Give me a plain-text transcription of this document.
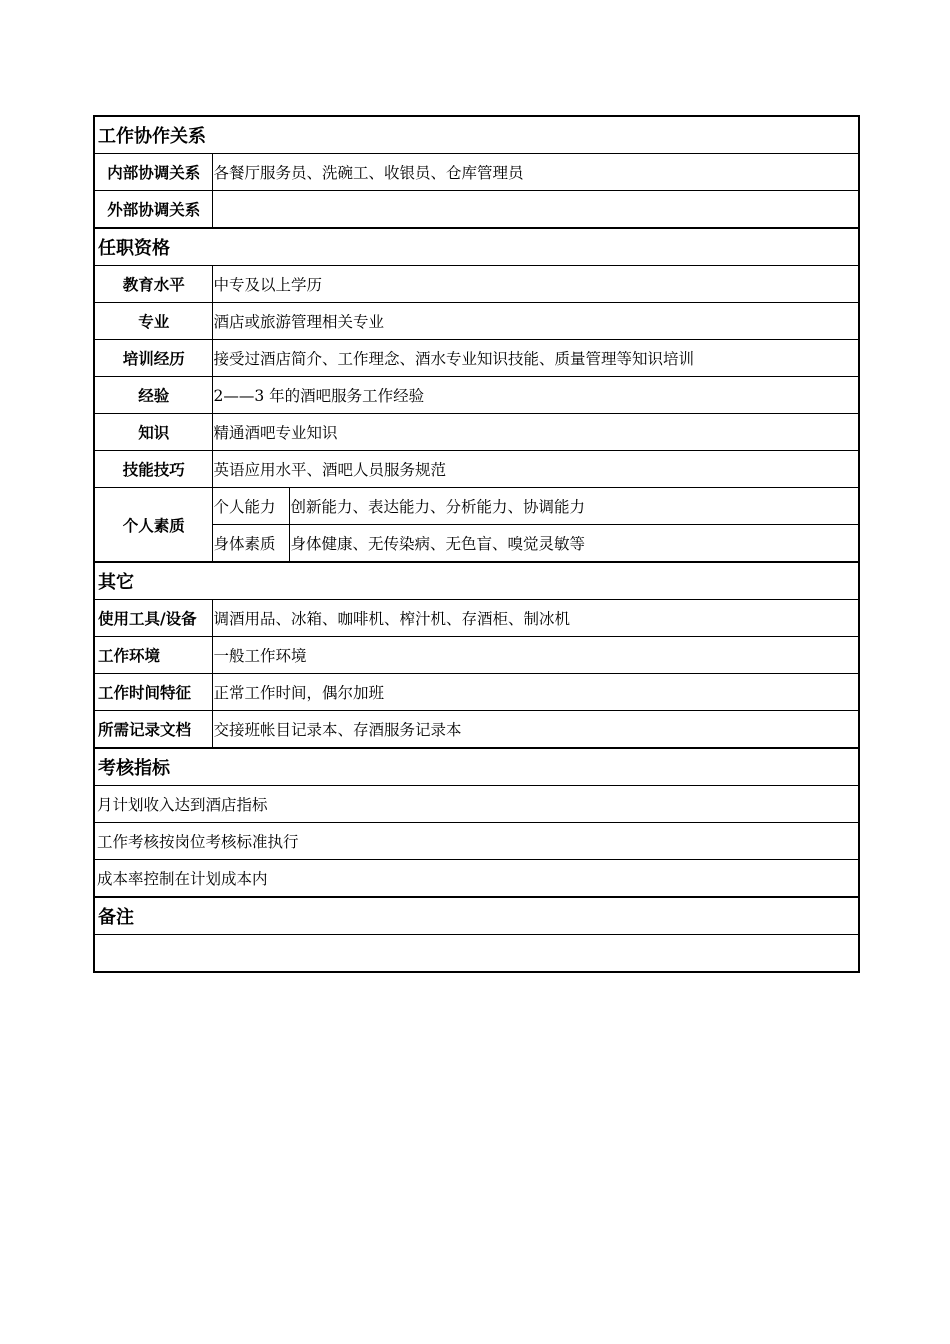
工作协作关系		
内部协调关系	各餐厅服务员、洗碗工、收银员、仓库管理员	
外部协调关系		
任职资格		
教育水平	中专及以上学历	
专业	酒店或旅游管理相关专业	
培训经历	接受过酒店简介、工作理念、酒水专业知识技能、质量管理等知识培训	
经验	2——3 年的酒吧服务工作经验	
知识	精通酒吧专业知识	
技能技巧	英语应用水平、酒吧人员服务规范	
个人素质	个人能力	创新能力、表达能力、分析能力、协调能力
	身体素质	身体健康、无传染病、无色盲、嗅觉灵敏等
其它		
使用工具/设备	调酒用品、冰箱、咖啡机、榨汁机、存酒柜、制冰机	
工作环境	一般工作环境	
工作时间特征	正常工作时间，偶尔加班	
所需记录文档	交接班帐目记录本、存酒服务记录本	
考核指标		
月计划收入达到酒店指标		
工作考核按岗位考核标准执行		
成本率控制在计划成本内		
备注		
